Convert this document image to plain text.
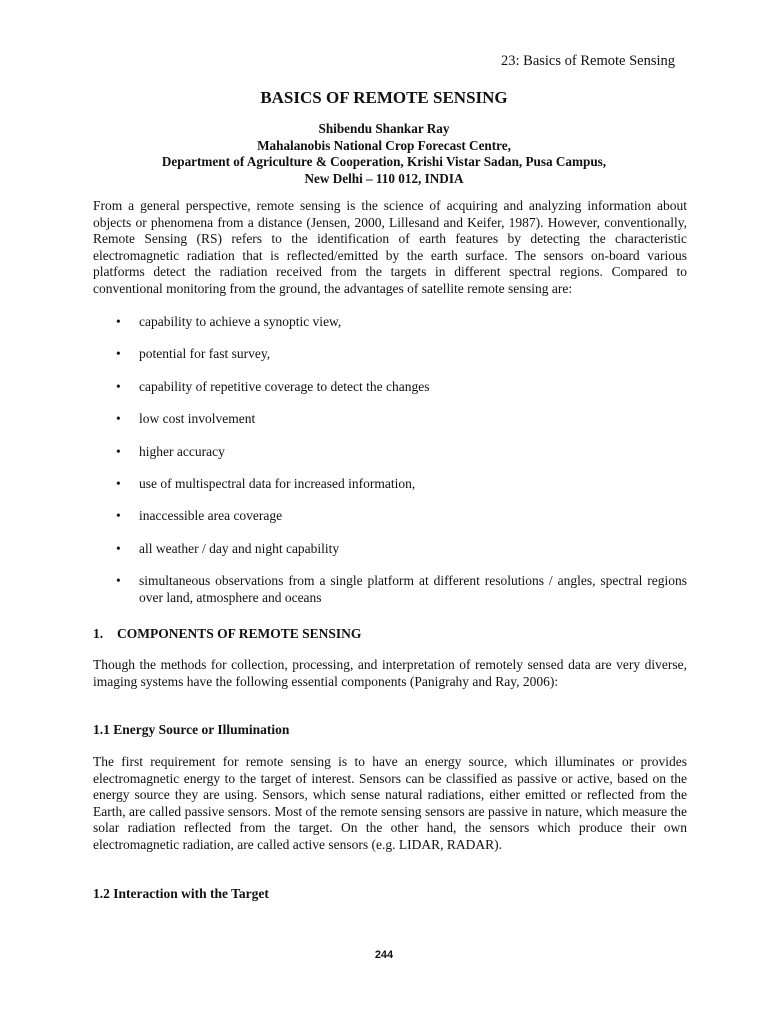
23: Basics of Remote Sensing
BASICS OF REMOTE SENSING
Shibendu Shankar Ray
Mahalanobis National Crop Forecast Centre,
Department of Agriculture & Cooperation, Krishi Vistar Sadan, Pusa Campus,
New Delhi – 110 012, INDIA

From a general perspective, remote sensing is the science of acquiring and analyzing information about objects or phenomena from a distance (Jensen, 2000, Lillesand and Keifer, 1987). However, conventionally, Remote Sensing (RS) refers to the identification of earth features by detecting the characteristic electromagnetic radiation that is reflected/emitted by the earth surface. The sensors on-board various platforms detect the radiation received from the targets in different spectral regions. Compared to conventional monitoring from the ground, the advantages of satellite remote sensing are:

• capability to achieve a synoptic view,
• potential for fast survey,
• capability of repetitive coverage to detect the changes
• low cost involvement
• higher accuracy
• use of multispectral data for increased information,
• inaccessible area coverage
• all weather / day and night capability
• simultaneous observations from a single platform at different resolutions / angles, spectral regions over land, atmosphere and oceans
1. COMPONENTS OF REMOTE SENSING

Though the methods for collection, processing, and interpretation of remotely sensed data are very diverse, imaging systems have the following essential components (Panigrahy and Ray, 2006):

1.1 Energy Source or Illumination

The first requirement for remote sensing is to have an energy source, which illuminates or provides electromagnetic energy to the target of interest. Sensors can be classified as passive or active, based on the energy source they are using. Sensors, which sense natural radiations, either emitted or reflected from the Earth, are called passive sensors. Most of the remote sensing sensors are passive in nature, which measure the solar radiation reflected from the target. On the other hand, the sensors which produce their own electromagnetic radiation, are called active sensors (e.g. LIDAR, RADAR).

1.2 Interaction with the Target
244
